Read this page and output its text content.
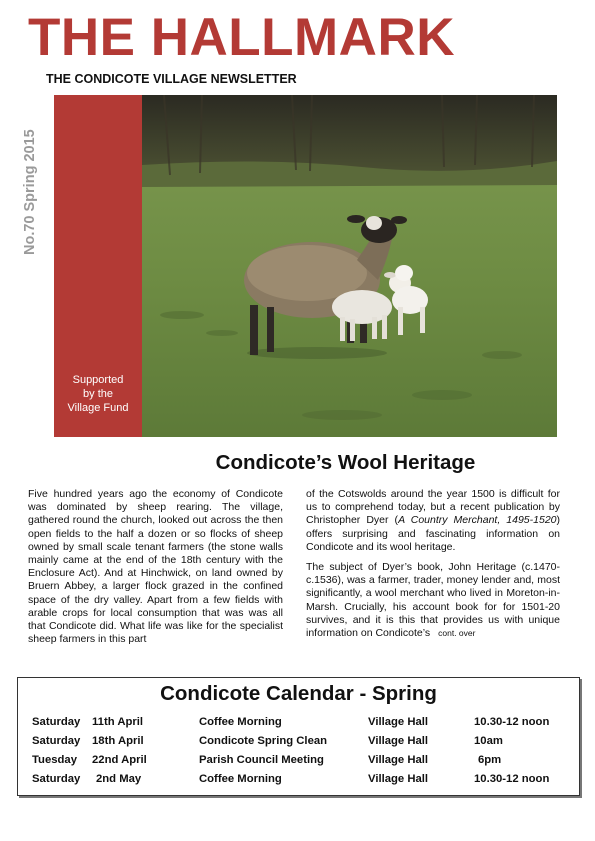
THE HALLMARK
THE CONDICOTE VILLAGE NEWSLETTER
No.70 Spring 2015
Supported
by the
Village Fund
Condicote’s Wool Heritage

Five hundred years ago the economy of Condicote was dominated by sheep rearing. The village, gathered round the church, looked out across the then open fields to the half a dozen or so flocks of sheep owned by small scale tenant farmers (the stone walls mainly came at the end of the 18th century with the Enclosure Act). And at Hinchwick, on land owned by Bruern Abbey, a larger flock grazed in the confined space of the dry valley. Apart from a few fields with arable crops for local consumption that was was all that Condicote did. What life was like for the specialist sheep farmers in this part

of the Cotswolds around the year 1500 is difficult for us to comprehend today, but a recent publication by Christopher Dyer (A Country Merchant, 1495-1520) offers surprising and fascinating information on Condicote and its wool heritage.

The subject of Dyer’s book, John Heritage (c.1470-c.1536), was a farmer, trader, money lender and, most significantly, a wool merchant who lived in Moreton-in-Marsh. Crucially, his account book for for 1501-20 survives, and it is this that provides us with unique information on Condicote’s cont. over

Condicote Calendar - Spring
Saturday 11th April	Coffee Morning	Village Hall	10.30-12 noon
Saturday 18th April	Condicote Spring Clean	Village Hall	10am
Tuesday 22nd April	Parish Council Meeting	Village Hall	6pm
Saturday 2nd May	Coffee Morning	Village Hall	10.30-12 noon
